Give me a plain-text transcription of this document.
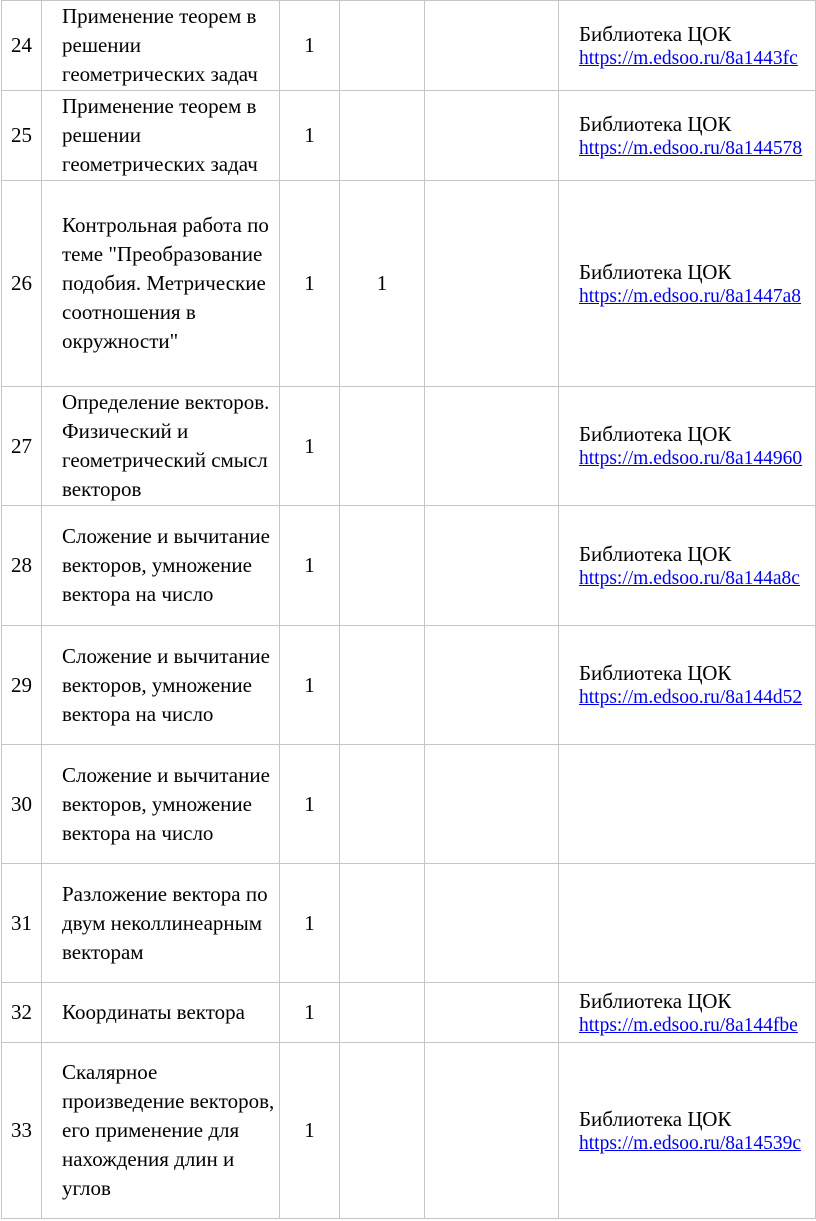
24	Применение теорем в решении геометрических задач	1			Библиотека ЦОК
https://m.edsoo.ru/8a1443fc

25	Применение теорем в решении геометрических задач	1			Библиотека ЦОК
https://m.edsoo.ru/8a144578

26	Контрольная работа по теме "Преобразование подобия. Метрические соотношения в окружности"	1	1		Библиотека ЦОК
https://m.edsoo.ru/8a1447a8

27	Определение векторов. Физический и геометрический смысл векторов	1			Библиотека ЦОК
https://m.edsoo.ru/8a144960

28	Сложение и вычитание векторов, умножение вектора на число	1			Библиотека ЦОК
https://m.edsoo.ru/8a144a8c

29	Сложение и вычитание векторов, умножение вектора на число	1			Библиотека ЦОК
https://m.edsoo.ru/8a144d52

30	Сложение и вычитание векторов, умножение вектора на число	1			

31	Разложение вектора по двум неколлинеарным векторам	1			

32	Координаты вектора	1			Библиотека ЦОК
https://m.edsoo.ru/8a144fbe

33	Скалярное произведение векторов, его применение для нахождения длин и углов	1			Библиотека ЦОК
https://m.edsoo.ru/8a14539c
